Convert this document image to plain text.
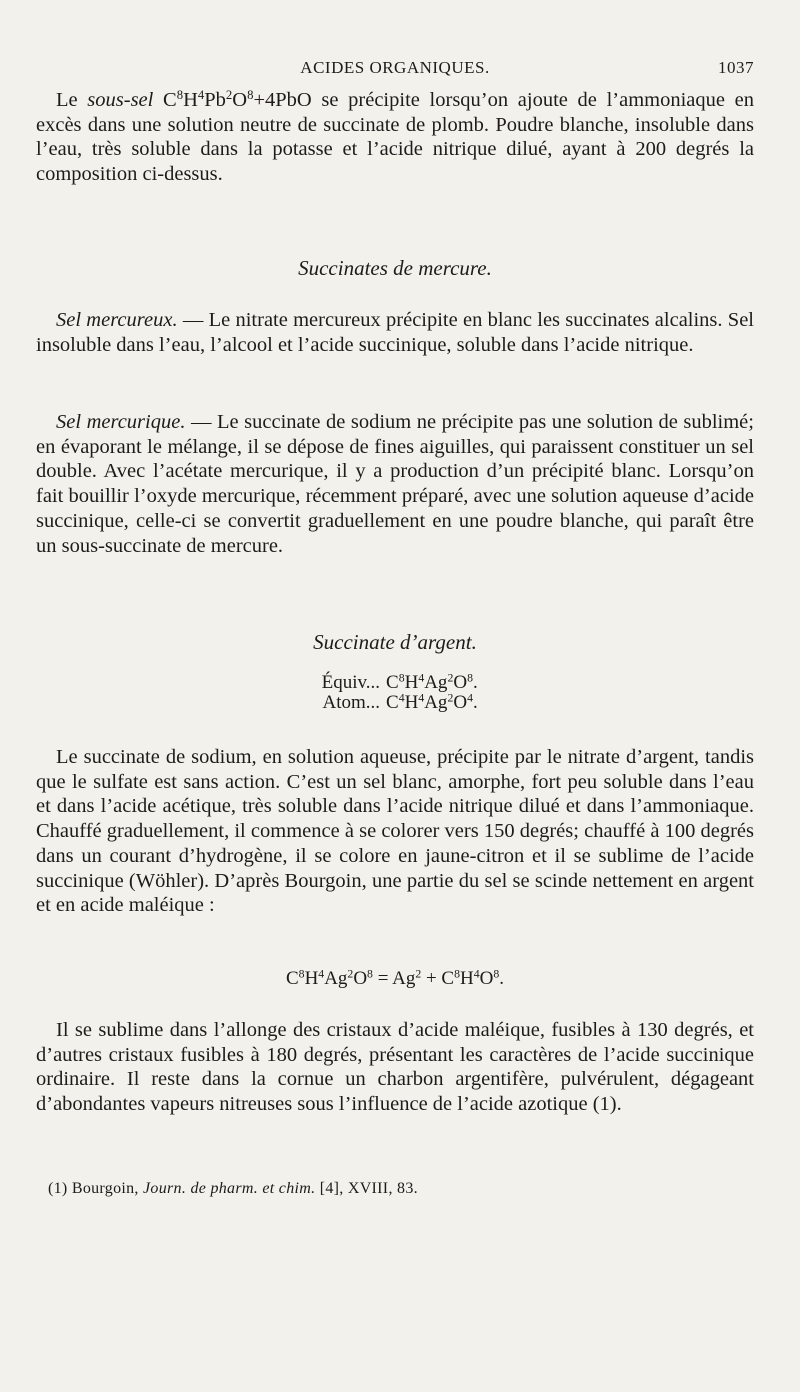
ACIDES ORGANIQUES.	1037

Le sous-sel $C^8H^4Pb^2O^8+4PbO$ se précipite lorsqu’on ajoute de l’ammoniaque en excès dans une solution neutre de succinate de plomb. Poudre blanche, insoluble dans l’eau, très soluble dans la potasse et l’acide nitrique dilué, ayant à 200 degrés la composition ci-dessus.

Succinates de mercure.

Sel mercureux. — Le nitrate mercureux précipite en blanc les succinates alcalins. Sel insoluble dans l’eau, l’alcool et l’acide succinique, soluble dans l’acide nitrique.

Sel mercurique. — Le succinate de sodium ne précipite pas une solution de sublimé; en évaporant le mélange, il se dépose de fines aiguilles, qui paraissent constituer un sel double. Avec l’acétate mercurique, il y a production d’un précipité blanc. Lorsqu’on fait bouillir l’oxyde mercurique, récemment préparé, avec une solution aqueuse d’acide succinique, celle-ci se convertit graduellement en une poudre blanche, qui paraît être un sous-succinate de mercure.

Succinate d’argent.
Équiv... $C^8H^4Ag^2O^8$.
Atom... $C^4H^4Ag^2O^4$.

Le succinate de sodium, en solution aqueuse, précipite par le nitrate d’argent, tandis que le sulfate est sans action. C’est un sel blanc, amorphe, fort peu soluble dans l’eau et dans l’acide acétique, très soluble dans l’acide nitrique dilué et dans l’ammoniaque. Chauffé graduellement, il commence à se colorer vers 150 degrés; chauffé à 100 degrés dans un courant d’hydrogène, il se colore en jaune-citron et il se sublime de l’acide succinique (Wöhler). D’après Bourgoin, une partie du sel se scinde nettement en argent et en acide maléique :

$C^8H^4Ag^2O^8 = Ag^2 + C^8H^4O^8$.

Il se sublime dans l’allonge des cristaux d’acide maléique, fusibles à 130 degrés, et d’autres cristaux fusibles à 180 degrés, présentant les caractères de l’acide succinique ordinaire. Il reste dans la cornue un charbon argentifère, pulvérulent, dégageant d’abondantes vapeurs nitreuses sous l’influence de l’acide azotique (1).

(1) Bourgoin, Journ. de pharm. et chim. [4], XVIII, 83.
